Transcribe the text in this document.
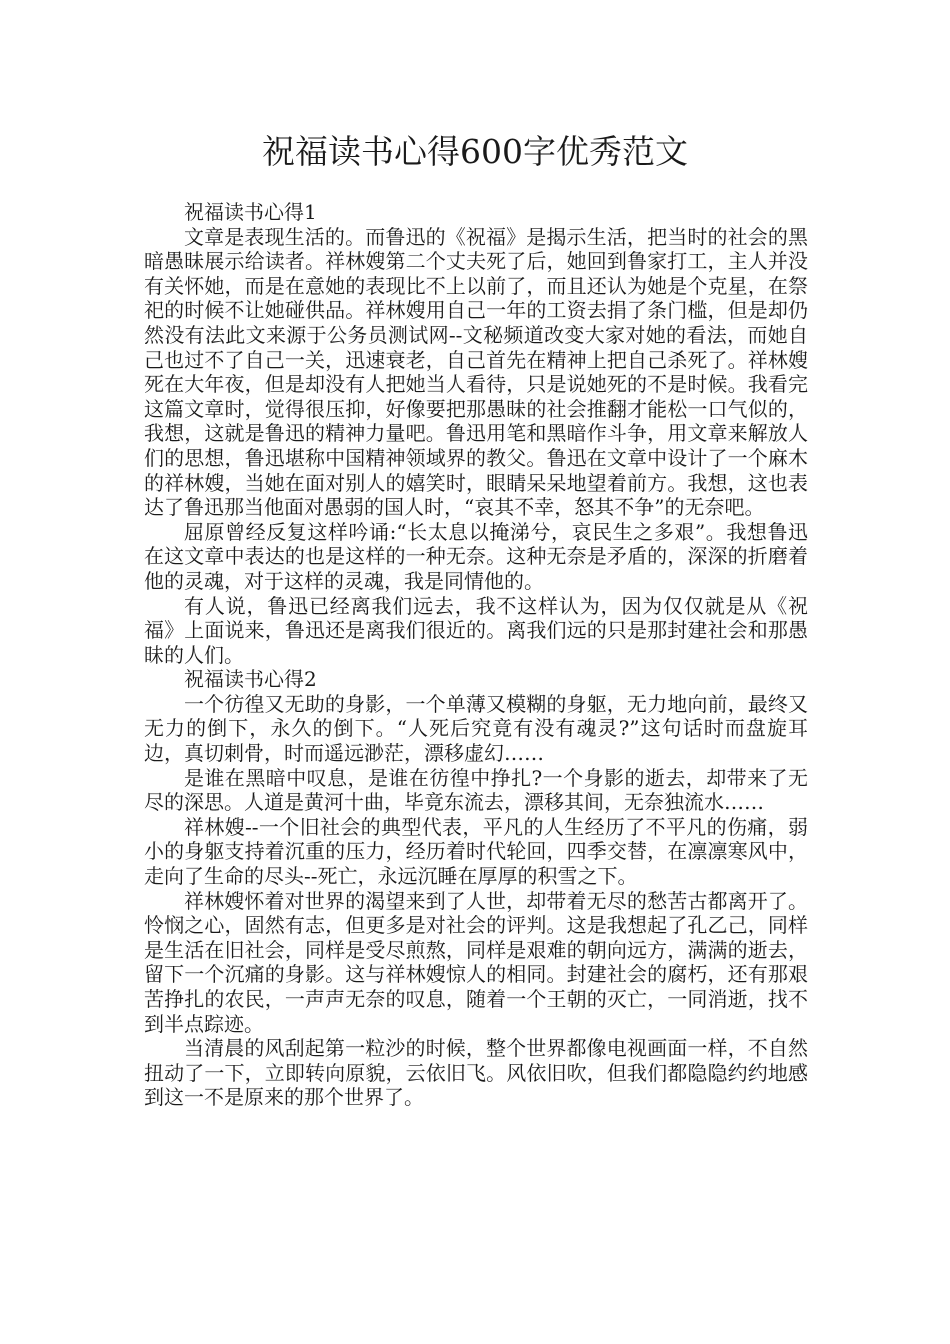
祝福读书心得600字优秀范文

祝福读书心得1

文章是表现生活的。而鲁迅的《祝福》是揭示生活，把当时的社会的黑暗愚昧展示给读者。祥林嫂第二个丈夫死了后，她回到鲁家打工，主人并没有关怀她，而是在意她的表现比不上以前了，而且还认为她是个克星，在祭祀的时候不让她碰供品。祥林嫂用自己一年的工资去捐了条门槛，但是却仍然没有法此文来源于公务员测试网--文秘频道改变大家对她的看法，而她自己也过不了自己一关，迅速衰老，自己首先在精神上把自己杀死了。祥林嫂死在大年夜，但是却没有人把她当人看待，只是说她死的不是时候。我看完这篇文章时，觉得很压抑，好像要把那愚昧的社会推翻才能松一口气似的，我想，这就是鲁迅的精神力量吧。鲁迅用笔和黑暗作斗争，用文章来解放人们的思想，鲁迅堪称中国精神领域界的教父。鲁迅在文章中设计了一个麻木的祥林嫂，当她在面对别人的嬉笑时，眼睛呆呆地望着前方。我想，这也表达了鲁迅那当他面对愚弱的国人时，“哀其不幸，怒其不争”的无奈吧。

屈原曾经反复这样吟诵:“长太息以掩涕兮，哀民生之多艰”。我想鲁迅在这文章中表达的也是这样的一种无奈。这种无奈是矛盾的，深深的折磨着他的灵魂，对于这样的灵魂，我是同情他的。

有人说，鲁迅已经离我们远去，我不这样认为，因为仅仅就是从《祝福》上面说来，鲁迅还是离我们很近的。离我们远的只是那封建社会和那愚昧的人们。

祝福读书心得2

一个彷徨又无助的身影，一个单薄又模糊的身躯，无力地向前，最终又无力的倒下，永久的倒下。“人死后究竟有没有魂灵?”这句话时而盘旋耳边，真切刺骨，时而遥远渺茫，漂移虚幻……

是谁在黑暗中叹息，是谁在彷徨中挣扎?一个身影的逝去，却带来了无尽的深思。人道是黄河十曲，毕竟东流去，漂移其间，无奈独流水……

祥林嫂--一个旧社会的典型代表，平凡的人生经历了不平凡的伤痛，弱小的身躯支持着沉重的压力，经历着时代轮回，四季交替，在凛凛寒风中，走向了生命的尽头--死亡，永远沉睡在厚厚的积雪之下。

祥林嫂怀着对世界的渴望来到了人世，却带着无尽的愁苦古都离开了。怜悯之心，固然有志，但更多是对社会的评判。这是我想起了孔乙己，同样是生活在旧社会，同样是受尽煎熬，同样是艰难的朝向远方，满满的逝去，留下一个沉痛的身影。这与祥林嫂惊人的相同。封建社会的腐朽，还有那艰苦挣扎的农民，一声声无奈的叹息，随着一个王朝的灭亡，一同消逝，找不到半点踪迹。

当清晨的风刮起第一粒沙的时候，整个世界都像电视画面一样，不自然扭动了一下，立即转向原貌，云依旧飞。风依旧吹，但我们都隐隐约约地感到这一不是原来的那个世界了。
